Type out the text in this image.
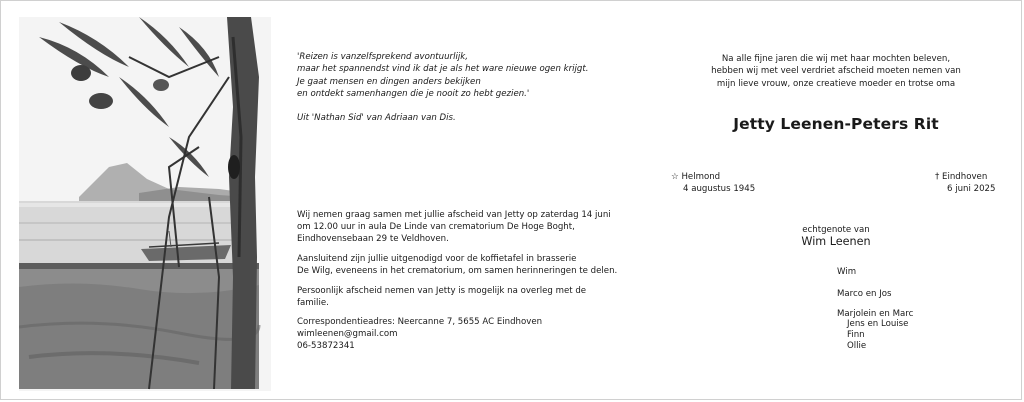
'Reizen is vanzelfsprekend avontuurlijk,

maar het spannendst vind ik dat je als het ware nieuwe ogen krijgt.

Je gaat mensen en dingen anders bekijken

en ontdekt samenhangen die je nooit zo hebt gezien.'

Uit 'Nathan Sid' van Adriaan van Dis.

Wij nemen graag samen met jullie afscheid van Jetty op zaterdag 14 juni

om 12.00 uur in aula De Linde van crematorium De Hoge Boght,

Eindhovensebaan 29 te Veldhoven.

Aansluitend zijn jullie uitgenodigd voor de koffietafel in brasserie

De Wilg, eveneens in het crematorium, om samen herinneringen te delen.

Persoonlijk afscheid nemen van Jetty is mogelijk na overleg met de

familie.

Correspondentieadres: Neercanne 7, 5655 AC Eindhoven

wimleenen@gmail.com

06-53872341

Na alle fijne jaren die wij met haar mochten beleven,

hebben wij met veel verdriet afscheid moeten nemen van

mijn lieve vrouw, onze creatieve moeder en trotse oma

Jetty Leenen-Peters Rit
☆ Helmond
4 augustus 1945
† Eindhoven
6 juni 2025
echtgenote van
Wim Leenen
Wim
Marco en Jos
Marjolein en Marc
Jens en Louise
Finn
Ollie
